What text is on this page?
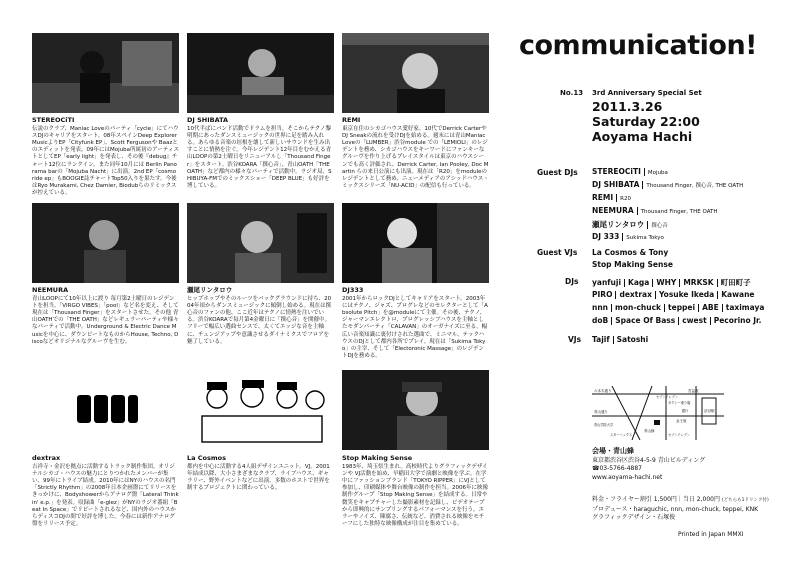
STEREOCiTI
伝説のクラブ、Maniac Loveのパーティ「cycle」にてハウスDJのキャリアをスタート。08年スペインDeep Explorer MusicよりEP「Cityfunk EP」、Scott Fergusonや Baazとのエディットを発表。09年にはMojuba所属初のアーティストとしてEP「early light」を発表し、その後『debug』チャート12位にランクイン。また同年10月には Berlin Panorama barの「Mojuba Nacht」に出演。2nd EP「cosmo ride ep」もBOOGIE誌チャートTop50入りを果たす。今後はRyo Murakami, Chez Damier, Biodubらのリミックスが控えている。
DJ SHIBATA
10代半ばにバンド活動でドラムを担当。そこからテクノ黎明期にあったダンスミュージックの世界に足を踏み入れる。あらゆる音楽の垣根を壊して新しいサウンドを生み出すことに情熱を注ぐ。今年レジデント12年目をむかえる青山LOOPの第2土曜日をリニューアルし「Thousand Finger」をスタート。渋谷KOARA「撰心音」、青山OATH「THE OATH」など都内の様々なパーティで活動中。ラジオ局、SHIBUYA-FMでのミックスショー「DEEP BLUE」も好評を博している。
REMI
東京在住のシカゴハウス愛好家。10代でDerrick CarterやDJ Sneakの流れを受けDJを始める。週末には青山Maniac Loveの「LUMBER」渋谷module での「LEMIOLI」のレジデントを務め、シカゴハウスをキーワードにファンキーなグルーヴを作り上げるプレイスタイルは東京のハウスシーンでも高く評価され、Derrick Carter, Ian Pooley, Doc Martin らの来日公演にも出演。現在は「R20」をmoduleのレジデントとして務め、ニューメディアのアシッドハウス・ミックスシリーズ「NU-ACID」の配信も行っている。
NEEMURA
青山LOOPにて10年以上に渡り 毎月第2土曜日のレジデントを担当。「VIRGO VIBES」「pool」など名を変え、そして現在は「Thousand Finger」をスタートさせた。その他 青山OATHでの「THE OATH」などレギュラーパーティや様々なパーティで活動中。Underground & Electric Dance Musicを中心に、ダウンビートなものからHouse, Techno, Discoなどオリジナルなグルーヴを生む。
瀬尾リンタロウ
ヒップホップやそのルーツをバックグラウンドに持ち、2004年頃からダンスミュージックに傾倒し始める。現在は撰心音のファンの他、ここ近年はテクノに情熱を注いでいる。渋谷KOARAで毎月第4金曜日に「撰心音」を開催中。フリーで幅広い選曲センスで、太くてエッジな音を主軸に、チェンジアップや意識させるダイナミクスでフロアを魅了している。
DJ333
2001年からロックDJとしてキャリアをスタート。2003年にはテクノ、ジャズ、プログレなどのセレクターとして「Absolute Pitch」を@moduleにて主催。その後、テクノ、ジャーマンエレクトロ、プログレッシブハウスを主軸としたモダンパーティ「CALAVAN」のオーガナイズに至る。幅広い音楽知識に裏付けされた選曲で、ミニマル、テックハウスのDJとして都内各所でプレイ。現在は「Sukima Tokyo」の主宰、そして「Electoronic Massage」のレジデントDJを務める。
dextrax
吉祥寺・金沢を拠点に活動するトラック制作集団。オリジナルシカゴ・ハウスの魅力にとりつかれたメンバーが集い、99年にトライブ結成。2010年にはNYのハウスの名門「Strictly Rhythm」の2008年日本企画盤にてリリースをきっかけに、Bodyshowerからアナログ盤「Lateral Thinkin' e.p.」を発表。収録曲「e-glez」がNYのラジオ番組「Beat In Space」でリピートされるなど、国内外のハウスからディスコDJの間で好評を博した。今春には新作アナログ盤をリリース予定。
La Cosmos
都内を中心に活動する4人組デザインユニット。VJ。2001年結成以降、大小さまざまなクラブ、ライブハウス、ギャラリー、野外イベントなどに出演。多数のホストで世界を制するプロジェクトに関わっている。
Stop Making Sense
1983年、埼玉県生まれ。高校時代よりグラフィックデザインや VJ活動を始め、早稲田大学で演劇と映像を学ぶ。在学中にファッションブランド「TOKYO RIPPER」にVJとして参加し、印刷媒体や舞台映像の制作を担当。2006年に映像制作グループ「Stop Making Sense」を結成する。日常や微笑をキャプチャーした撮影素材を記録し、ビデオテープから即興的にサンプリングするパフォーマンスを行う。エラーやノイズ、陳腐さ、伝統など、消費される映像をモチーフにした独特な映像構成が注目を集めている。
communication!
No.13 3rd Anniversary Special Set
2011.3.26
Saturday 22:00
Aoyama Hachi
Guest DJs STEREOCiTI Mojuba
DJ SHIBATA Thousand Finger, 撰心音, THE OATH
REMI R20
NEEMURA Thousand Finger, THE OATH
瀬尾リンタロウ 撰心音
DJ 333 Sukima Tokyo
Guest VJs La Cosmos & Tony
Stop Making Sense
DJs yanfuji Kaga WHY MRKSK 町田町子
PIRO dextrax Yosuke Ikeda Kawane
nnn mon-chuck teppei ABE taximaya
doB Space Of Bass cwest Pecorino Jr.
VJs Tajif Satoshi
六本木通り	宮益坂
セブンイレブン
タクシー乗り場
銀行
青山通り
金王坂
青山蜂
青山学院大学
スターバックス	セブンイレブン
渋谷駅
会場・青山蜂
東京都渋谷区渋谷4-5-9 青山ビルディング
☎03-5766-4887
www.aoyama-hachi.net
料金・フライヤー割引 1,500円｜当日 2,000円 (どちらも1ドリンク付)
プロデュース・haraguchic, nnn, mon-chuck, teppei, KNK
グラフィックデザイン・石塚俊
Printed in Japan MMXI
